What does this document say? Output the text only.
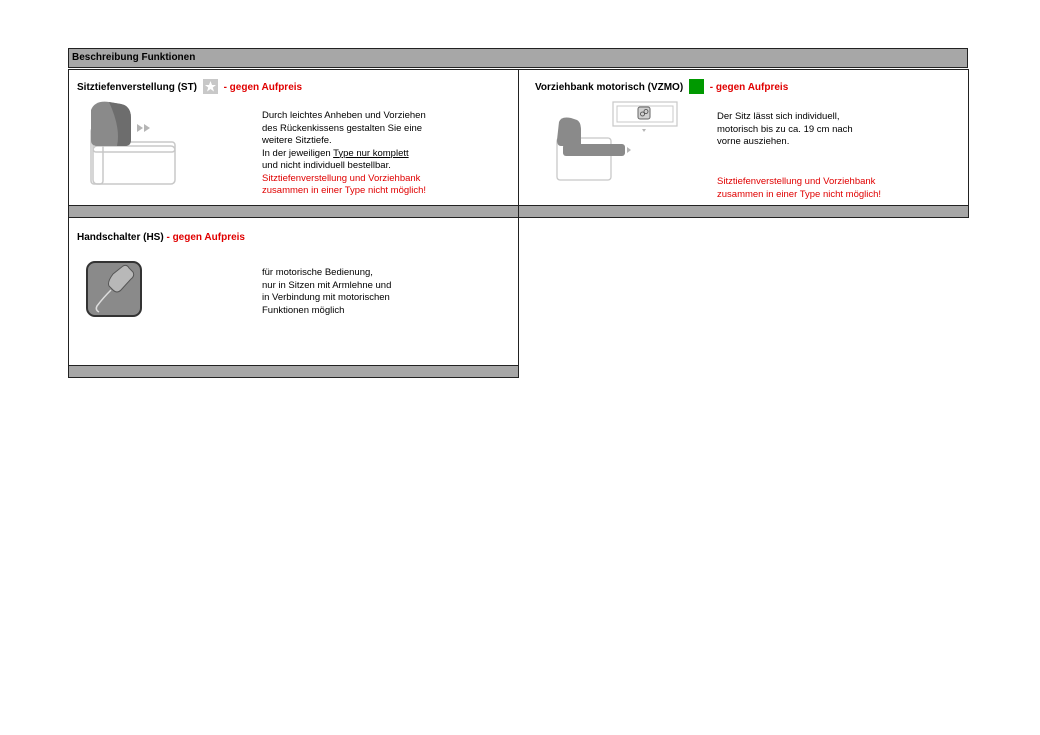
Beschreibung Funktionen
Sitztiefenverstellung (ST)	- gegen Aufpreis
Durch leichtes Anheben und Vorziehen
des Rückenkissens gestalten Sie eine
weitere Sitztiefe.
In der jeweiligen Type nur komplett
und nicht individuell bestellbar.
Sitztiefenverstellung und Vorziehbank
zusammen in einer Type nicht möglich!
Vorziehbank motorisch (VZMO)	- gegen Aufpreis
Der Sitz lässt sich individuell,
motorisch bis zu ca. 19 cm nach
vorne ausziehen.
Sitztiefenverstellung und Vorziehbank
zusammen in einer Type nicht möglich!
Handschalter (HS) - gegen Aufpreis
für motorische Bedienung,
nur in Sitzen mit Armlehne und
in Verbindung mit motorischen
Funktionen möglich
